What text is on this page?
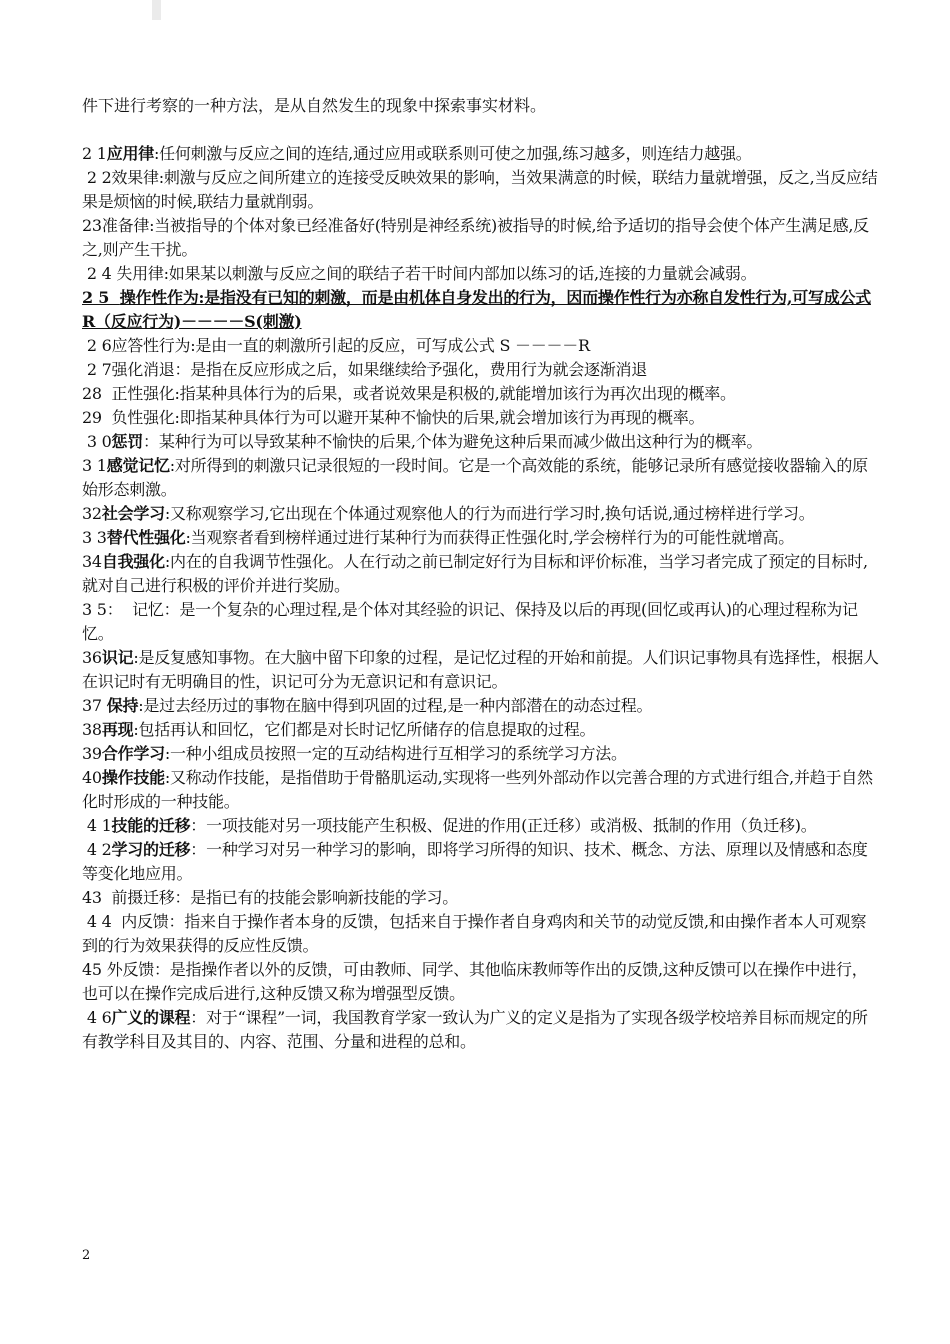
件下进行考察的一种方法，是从自然发生的现象中探索事实材料。

2 1应用律:任何刺激与反应之间的连结,通过应用或联系则可使之加强,练习越多，则连结力越强。

2 2效果律:刺激与反应之间所建立的连接受反映效果的影响，当效果满意的时候，联结力量就增强，反之,当反应结果是烦恼的时候,联结力量就削弱。

23准备律:当被指导的个体对象已经准备好(特别是神经系统)被指导的时候,给予适切的指导会使个体产生满足感,反之,则产生干扰。

2 4 失用律:如果某以刺激与反应之间的联结子若干时间内部加以练习的话,连接的力量就会减弱。

2 5  操作性作为:是指没有已知的刺激，而是由机体自身发出的行为，因而操作性行为亦称自发性行为,可写成公式 R（反应行为)－－－－S(刺激)

2 6应答性行为:是由一直的刺激所引起的反应，可写成公式 S －－－－R

2 7强化消退：是指在反应形成之后，如果继续给予强化，费用行为就会逐渐消退

28  正性强化:指某种具体行为的后果，或者说效果是积极的,就能增加该行为再次出现的概率。

29  负性强化:即指某种具体行为可以避开某种不愉快的后果,就会增加该行为再现的概率。

3 0惩罚：某种行为可以导致某种不愉快的后果,个体为避免这种后果而减少做出这种行为的概率。

3 1感觉记忆:对所得到的刺激只记录很短的一段时间。它是一个高效能的系统，能够记录所有感觉接收器输入的原始形态刺激。

32社会学习:又称观察学习,它出现在个体通过观察他人的行为而进行学习时,换句话说,通过榜样进行学习。

3 3替代性强化:当观察者看到榜样通过进行某种行为而获得正性强化时,学会榜样行为的可能性就增高。

34自我强化:内在的自我调节性强化。人在行动之前已制定好行为目标和评价标准，当学习者完成了预定的目标时,就对自己进行积极的评价并进行奖励。

3 5：  记忆：是一个复杂的心理过程,是个体对其经验的识记、保持及以后的再现(回忆或再认)的心理过程称为记忆。

36识记:是反复感知事物。在大脑中留下印象的过程，是记忆过程的开始和前提。人们识记事物具有选择性，根据人在识记时有无明确目的性，识记可分为无意识记和有意识记。

37 保持:是过去经历过的事物在脑中得到巩固的过程,是一种内部潜在的动态过程。

38再现:包括再认和回忆，它们都是对长时记忆所储存的信息提取的过程。

39合作学习:一种小组成员按照一定的互动结构进行互相学习的系统学习方法。

40操作技能:又称动作技能，是指借助于骨骼肌运动,实现将一些列外部动作以完善合理的方式进行组合,并趋于自然化时形成的一种技能。

4 1技能的迁移：一项技能对另一项技能产生积极、促进的作用(正迁移）或消极、抵制的作用（负迁移)。

4 2学习的迁移：一种学习对另一种学习的影响，即将学习所得的知识、技术、概念、方法、原理以及情感和态度等变化地应用。

43  前摄迁移：是指已有的技能会影响新技能的学习。

4 4  内反馈：指来自于操作者本身的反馈，包括来自于操作者自身鸡肉和关节的动觉反馈,和由操作者本人可观察到的行为效果获得的反应性反馈。

45 外反馈：是指操作者以外的反馈，可由教师、同学、其他临床教师等作出的反馈,这种反馈可以在操作中进行，也可以在操作完成后进行,这种反馈又称为增强型反馈。

4 6广义的课程：对于“课程”一词，我国教育学家一致认为广义的定义是指为了实现各级学校培养目标而规定的所有教学科目及其目的、内容、范围、分量和进程的总和。

2
